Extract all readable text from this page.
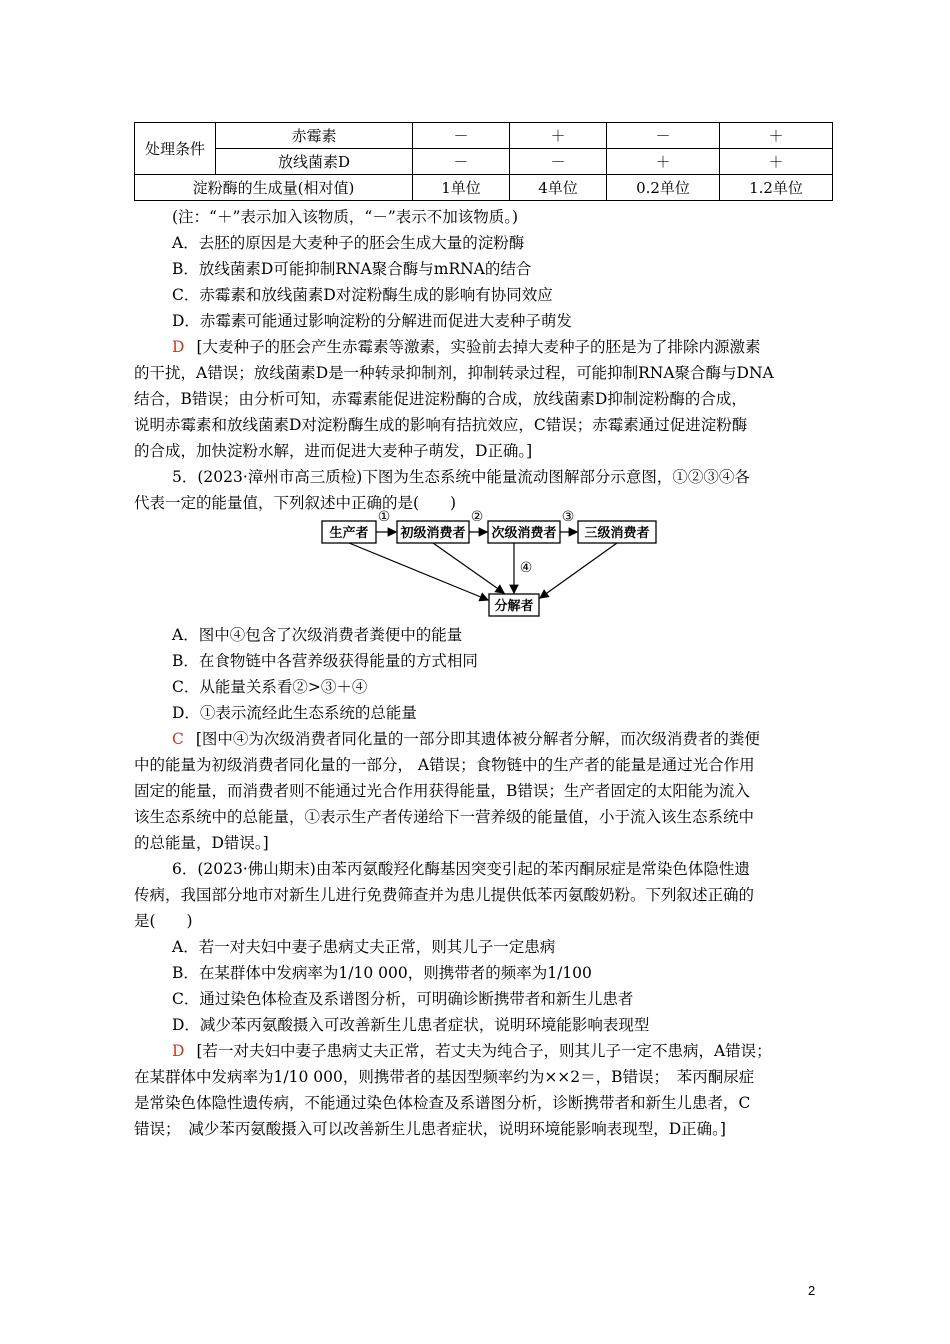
处理条件	赤霉素	－	＋	－	＋
	放线菌素D	－	－	＋	＋
淀粉酶的生成量(相对值)		1单位	4单位	0.2单位	1.2单位
(注：“＋”表示加入该物质，“－”表示不加该物质。)
A．去胚的原因是大麦种子的胚会生成大量的淀粉酶
B．放线菌素D可能抑制RNA聚合酶与mRNA的结合
C．赤霉素和放线菌素D对淀粉酶生成的影响有协同效应
D．赤霉素可能通过影响淀粉的分解进而促进大麦种子萌发
D [大麦种子的胚会产生赤霉素等激素，实验前去掉大麦种子的胚是为了排除内源激素
的干扰，A错误；放线菌素D是一种转录抑制剂，抑制转录过程，可能抑制RNA聚合酶与DNA
结合，B错误；由分析可知，赤霉素能促进淀粉酶的合成，放线菌素D抑制淀粉酶的合成，
说明赤霉素和放线菌素D对淀粉酶生成的影响有拮抗效应，C错误；赤霉素通过促进淀粉酶
的合成，加快淀粉水解，进而促进大麦种子萌发，D正确。]
5．(2023·漳州市高三质检)下图为生态系统中能量流动图解部分示意图，①②③④各
代表一定的能量值，下列叙述中正确的是(　　)
生产者 初级消费者 次级消费者 三级消费者
分解者
①	②	③
④
A．图中④包含了次级消费者粪便中的能量
B．在食物链中各营养级获得能量的方式相同
C．从能量关系看②>③＋④
D．①表示流经此生态系统的总能量
C [图中④为次级消费者同化量的一部分即其遗体被分解者分解，而次级消费者的粪便
中的能量为初级消费者同化量的一部分， A错误；食物链中的生产者的能量是通过光合作用
固定的能量，而消费者则不能通过光合作用获得能量，B错误；生产者固定的太阳能为流入
该生态系统中的总能量，①表示生产者传递给下一营养级的能量值，小于流入该生态系统中
的总能量，D错误。]
6．(2023·佛山期末)由苯丙氨酸羟化酶基因突变引起的苯丙酮尿症是常染色体隐性遗
传病，我国部分地市对新生儿进行免费筛查并为患儿提供低苯丙氨酸奶粉。下列叙述正确的
是(　　)
A．若一对夫妇中妻子患病丈夫正常，则其儿子一定患病
B．在某群体中发病率为1/10 000，则携带者的频率为1/100
C．通过染色体检查及系谱图分析，可明确诊断携带者和新生儿患者
D．减少苯丙氨酸摄入可改善新生儿患者症状，说明环境能影响表现型
D [若一对夫妇中妻子患病丈夫正常，若丈夫为纯合子，则其儿子一定不患病，A错误；
在某群体中发病率为1/10 000，则携带者的基因型频率约为××2＝，B错误；　苯丙酮尿症
是常染色体隐性遗传病，不能通过染色体检查及系谱图分析，诊断携带者和新生儿患者，C
错误；　减少苯丙氨酸摄入可以改善新生儿患者症状，说明环境能影响表现型，D正确。]
2
